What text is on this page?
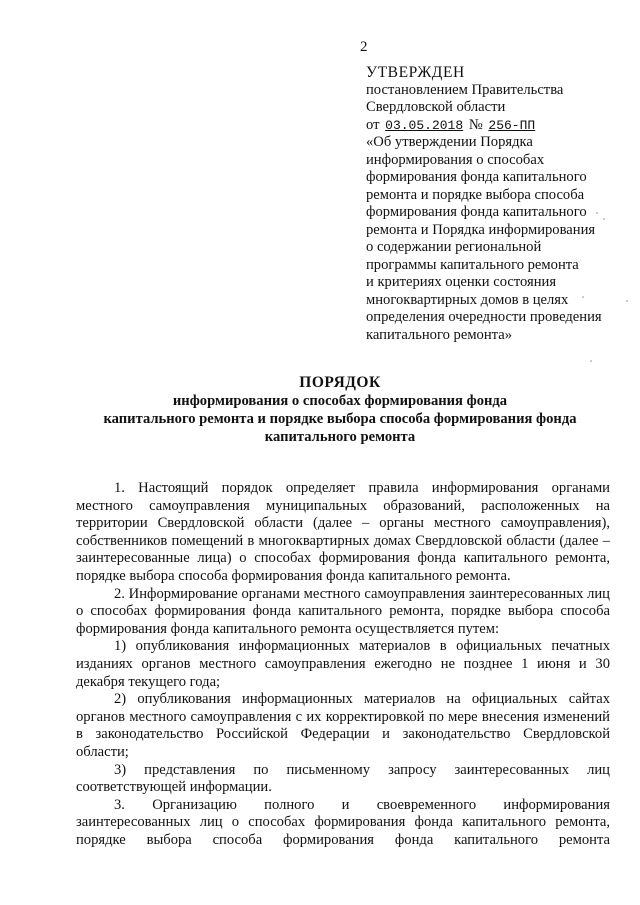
2
УТВЕРЖДЕН
постановлением Правительства
Свердловской области
от 03.05.2018 № 256-ПП
«Об утверждении Порядка
информирования о способах
формирования фонда капитального
ремонта и порядке выбора способа
формирования фонда капитального
ремонта и Порядка информирования
о содержании региональной
программы капитального ремонта
и критериях оценки состояния
многоквартирных домов в целях
определения очередности проведения
капитального ремонта»
ПОРЯДОК
информирования о способах формирования фонда
капитального ремонта и порядке выбора способа формирования фонда
капитального ремонта

1. Настоящий порядок определяет правила информирования органами местного самоуправления муниципальных образований, расположенных на территории Свердловской области (далее – органы местного самоуправления), собственников помещений в многоквартирных домах Свердловской области (далее – заинтересованные лица) о способах формирования фонда капитального ремонта, порядке выбора способа формирования фонда капитального ремонта.

2. Информирование органами местного самоуправления заинтересованных лиц о способах формирования фонда капитального ремонта, порядке выбора способа формирования фонда капитального ремонта осуществляется путем:

1) опубликования информационных материалов в официальных печатных изданиях органов местного самоуправления ежегодно не позднее 1 июня и 30 декабря текущего года;

2) опубликования информационных материалов на официальных сайтах органов местного самоуправления с их корректировкой по мере внесения изменений в законодательство Российской Федерации и законодательство Свердловской области;

3) представления по письменному запросу заинтересованных лиц соответствующей информации.

3. Организацию полного и своевременного информирования заинтересованных лиц о способах формирования фонда капитального ремонта, порядке выбора способа формирования фонда капитального ремонта
